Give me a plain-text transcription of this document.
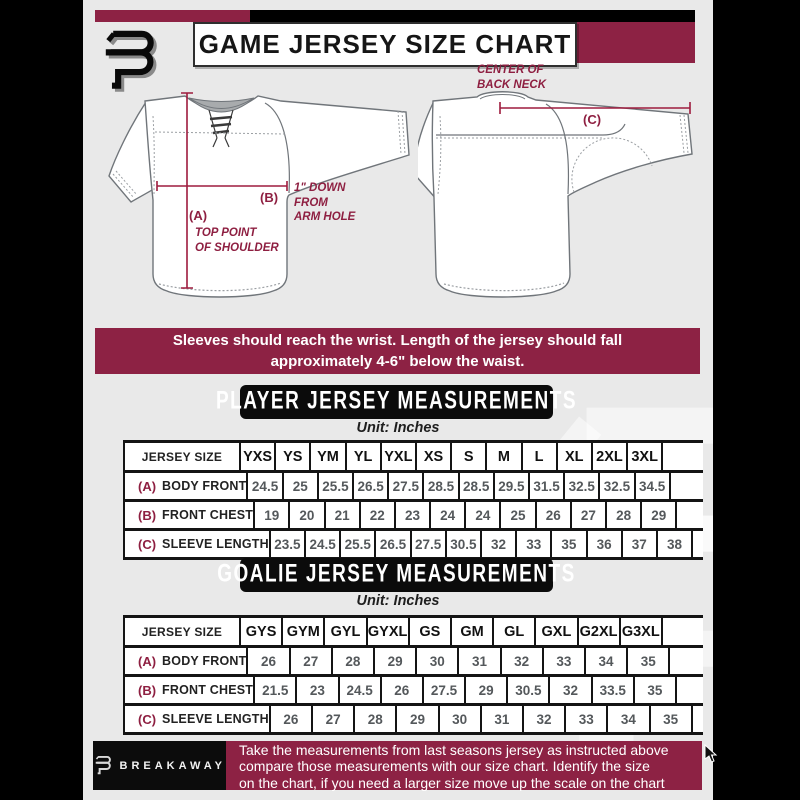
GAME JERSEY SIZE CHART
(A)
TOP POINT
OF SHOULDER
(B)
1" DOWN
FROM
ARM HOLE
(C)
CENTER OF
BACK NECK
Sleeves should reach the wrist. Length of the jersey should fall
approximately 4-6" below the waist.
PLAYER JERSEY MEASUREMENTS
Unit: Inches
JERSEY SIZE YXS YS YM YL YXL XS S M L XL 2XL 3XL
(A) BODY FRONT 24.5 25 25.5 26.5 27.5 28.5 28.5 29.5 31.5 32.5 32.5 34.5
(B) FRONT CHEST 19 20 21 22 23 24 24 25 26 27 28 29
(C) SLEEVE LENGTH 23.5 24.5 25.5 26.5 27.5 30.5 32 33 35 36 37 38
GOALIE JERSEY MEASUREMENTS
Unit: Inches
JERSEY SIZE GYS GYM GYL GYXL GS GM GL GXL G2XL G3XL
(A) BODY FRONT 26 27 28 29 30 31 32 33 34 35
(B) FRONT CHEST 21.5 23 24.5 26 27.5 29 30.5 32 33.5 35
(C) SLEEVE LENGTH 26 27 28 29 30 31 32 33 34 35
BREAKAWAY
Take the measurements from last seasons jersey as instructed above
compare those measurements with our size chart. Identify the size
on the chart, if you need a larger size move up the scale on the chart
